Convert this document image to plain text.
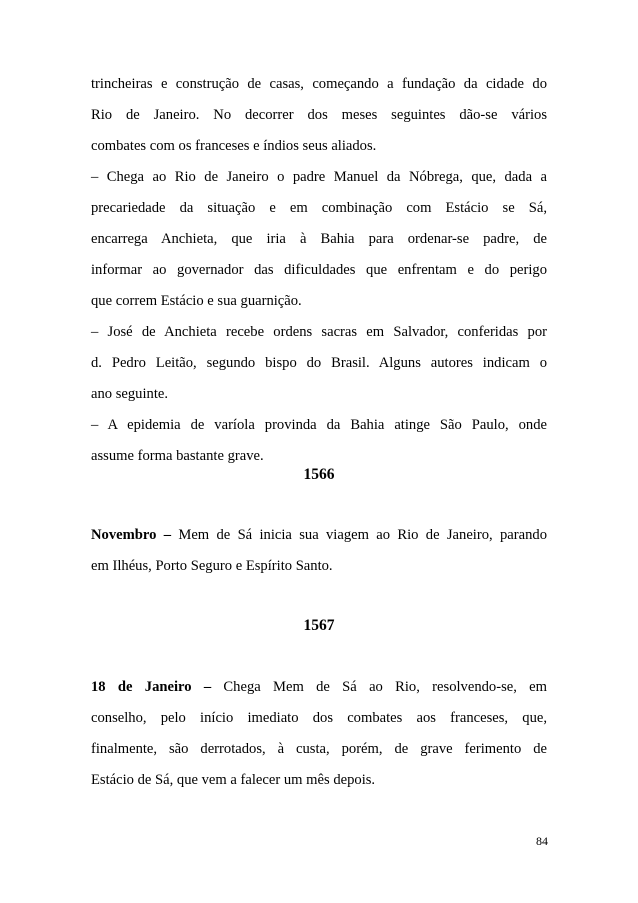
trincheiras e construção de casas, começando a fundação da cidade do
Rio de Janeiro. No decorrer dos meses seguintes dão-se vários
combates com os franceses e índios seus aliados.
– Chega ao Rio de Janeiro o padre Manuel da Nóbrega, que, dada a
precariedade da situação e em combinação com Estácio se Sá,
encarrega Anchieta, que iria à Bahia para ordenar-se padre, de
informar ao governador das dificuldades que enfrentam e do perigo
que correm Estácio e sua guarnição.
– José de Anchieta recebe ordens sacras em Salvador, conferidas por
d. Pedro Leitão, segundo bispo do Brasil. Alguns autores indicam o
ano seguinte.
– A epidemia de varíola provinda da Bahia atinge São Paulo, onde
assume forma bastante grave.
1566
Novembro – Mem de Sá inicia sua viagem ao Rio de Janeiro, parando
em Ilhéus, Porto Seguro e Espírito Santo.
1567
18 de Janeiro – Chega Mem de Sá ao Rio, resolvendo-se, em
conselho, pelo início imediato dos combates aos franceses, que,
finalmente, são derrotados, à custa, porém, de grave ferimento de
Estácio de Sá, que vem a falecer um mês depois.
84
